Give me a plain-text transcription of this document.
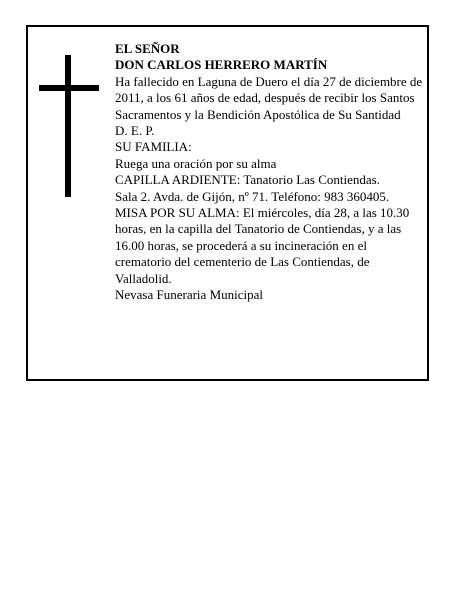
EL SEÑOR

DON CARLOS HERRERO MARTÍN

Ha fallecido en Laguna de Duero el día 27 de diciembre de 2011, a los 61 años de edad, después de recibir los Santos Sacramentos y la Bendición Apostólica de Su Santidad

D. E. P.

SU FAMILIA:

Ruega una oración por su alma

CAPILLA ARDIENTE: Tanatorio Las Contiendas.

Sala 2. Avda. de Gijón, nº 71. Teléfono: 983 360405.

MISA POR SU ALMA: El miércoles, día 28, a las 10.30 horas, en la capilla del Tanatorio de Contiendas, y a las 16.00 horas, se procederá a su incineración en el crematorio del cementerio de Las Contiendas, de Valladolid.

Nevasa Funeraria Municipal
